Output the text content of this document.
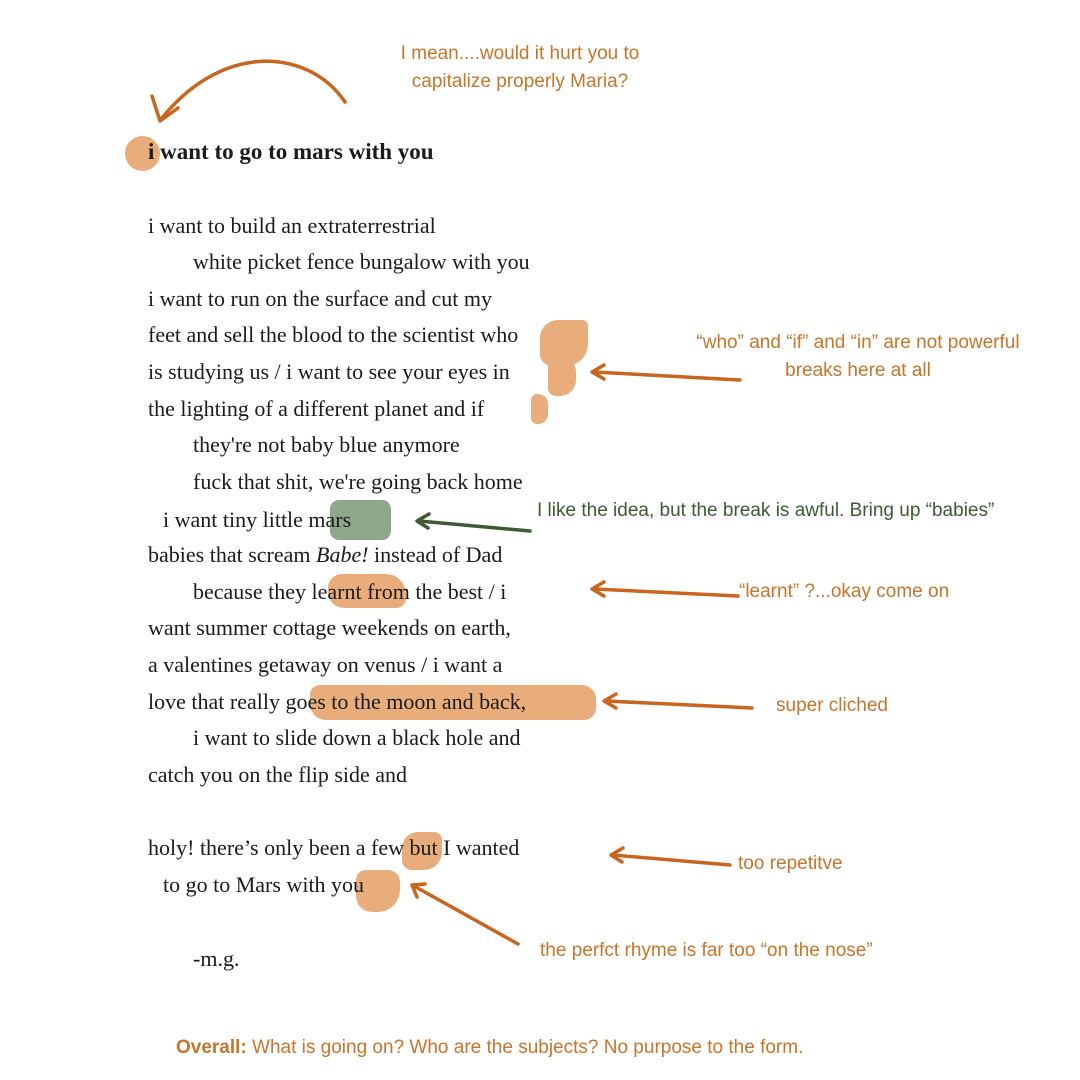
i want to go to mars with you
i want to build an extraterrestrial
white picket fence bungalow with you
i want to run on the surface and cut my
feet and sell the blood to the scientist who
is studying us / i want to see your eyes in
the lighting of a different planet and if
they're not baby blue anymore
fuck that shit, we're going back home
i want tiny little mars
babies that scream Babe! instead of Dad
because they learnt from the best / i
want summer cottage weekends on earth,
a valentines getaway on venus / i want a
love that really goes to the moon and back,
i want to slide down a black hole and
catch you on the flip side and
holy! there’s only been a few but I wanted
to go to Mars with you
-m.g.
I mean....would it hurt you to
capitalize properly Maria?
“who” and “if” and “in” are not powerful
breaks here at all
I like the idea, but the break is awful. Bring up “babies”
“learnt” ?...okay come on
super cliched
too repetitve
the perfct rhyme is far too “on the nose”
Overall: What is going on? Who are the subjects? No purpose to the form.
